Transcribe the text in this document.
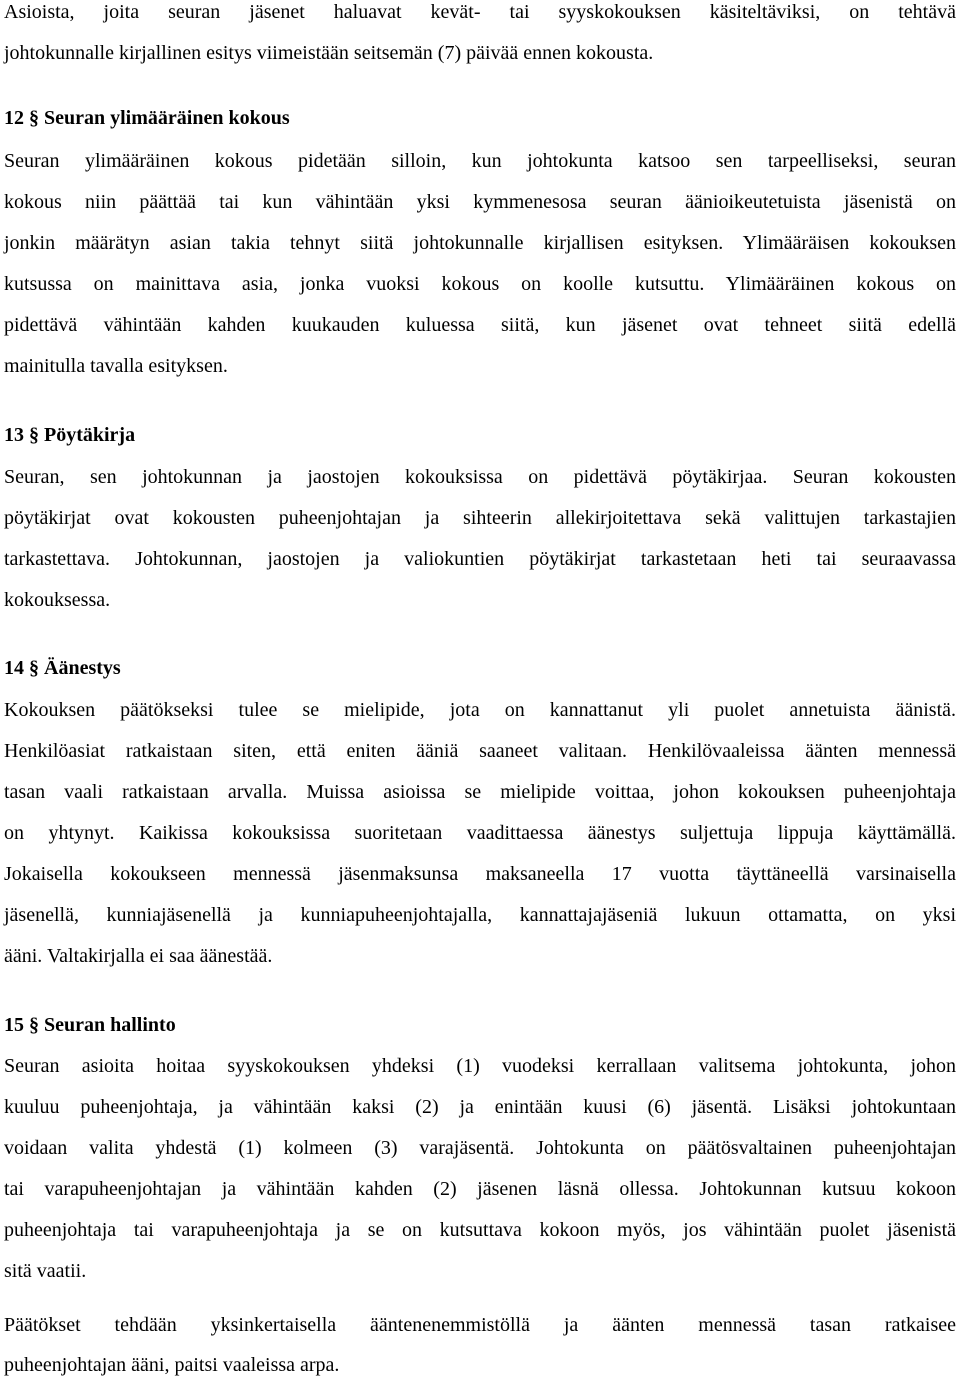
Asioista, joita seuran jäsenet haluavat kevät- tai syyskokouksen käsiteltäviksi, on tehtävä
johtokunnalle kirjallinen esitys viimeistään seitsemän (7) päivää ennen kokousta.
12 § Seuran ylimääräinen kokous
Seuran ylimääräinen kokous pidetään silloin, kun johtokunta katsoo sen tarpeelliseksi, seuran
kokous niin päättää tai kun vähintään yksi kymmenesosa seuran äänioikeutetuista jäsenistä on
jonkin määrätyn asian takia tehnyt siitä johtokunnalle kirjallisen esityksen. Ylimääräisen kokouksen
kutsussa on mainittava asia, jonka vuoksi kokous on koolle kutsuttu. Ylimääräinen kokous on
pidettävä vähintään kahden kuukauden kuluessa siitä, kun jäsenet ovat tehneet siitä edellä
mainitulla tavalla esityksen.
13 § Pöytäkirja
Seuran, sen johtokunnan ja jaostojen kokouksissa on pidettävä pöytäkirjaa. Seuran kokousten
pöytäkirjat ovat kokousten puheenjohtajan ja sihteerin allekirjoitettava sekä valittujen tarkastajien
tarkastettava. Johtokunnan, jaostojen ja valiokuntien pöytäkirjat tarkastetaan heti tai seuraavassa
kokouksessa.
14 § Äänestys
Kokouksen päätökseksi tulee se mielipide, jota on kannattanut yli puolet annetuista äänistä.
Henkilöasiat ratkaistaan siten, että eniten ääniä saaneet valitaan. Henkilövaaleissa äänten mennessä
tasan vaali ratkaistaan arvalla. Muissa asioissa se mielipide voittaa, johon kokouksen puheenjohtaja
on yhtynyt. Kaikissa kokouksissa suoritetaan vaadittaessa äänestys suljettuja lippuja käyttämällä.
Jokaisella kokoukseen mennessä jäsenmaksunsa maksaneella 17 vuotta täyttäneellä varsinaisella
jäsenellä, kunniajäsenellä ja kunniapuheenjohtajalla, kannattajajäseniä lukuun ottamatta, on yksi
ääni. Valtakirjalla ei saa äänestää.
15 § Seuran hallinto
Seuran asioita hoitaa syyskokouksen yhdeksi (1) vuodeksi kerrallaan valitsema johtokunta, johon
kuuluu puheenjohtaja, ja vähintään kaksi (2) ja enintään kuusi (6) jäsentä. Lisäksi johtokuntaan
voidaan valita yhdestä (1) kolmeen (3) varajäsentä. Johtokunta on päätösvaltainen puheenjohtajan
tai varapuheenjohtajan ja vähintään kahden (2) jäsenen läsnä ollessa. Johtokunnan kutsuu kokoon
puheenjohtaja tai varapuheenjohtaja ja se on kutsuttava kokoon myös, jos vähintään puolet jäsenistä
sitä vaatii.
Päätökset tehdään yksinkertaisella ääntenenemmistöllä ja äänten mennessä tasan ratkaisee
puheenjohtajan ääni, paitsi vaaleissa arpa.
